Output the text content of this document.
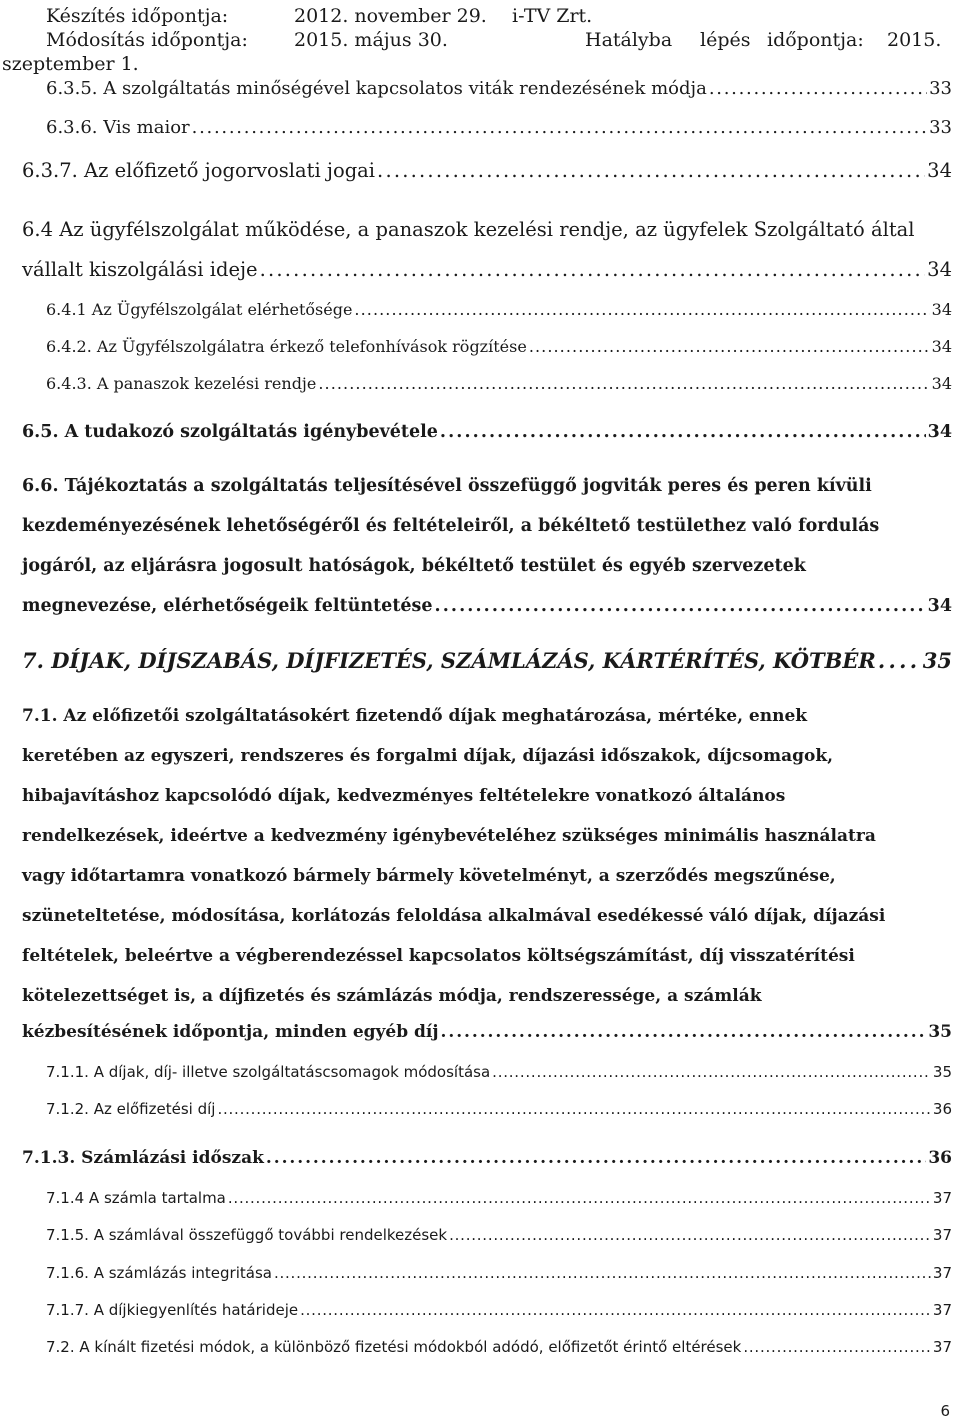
Készítés időpontja:	2012. november 29. i-TV Zrt.
Módosítás időpontja: 2015. május 30.	Hatályba lépés időpontja: 2015.
szeptember 1.
6.3.5. A szolgáltatás minőségével kapcsolatos viták rendezésének módja . . .	33
6.3.6. Vis maior . . .	33
6.3.7. Az előfizető jogorvoslati jogai . . .	34
6.4 Az ügyfélszolgálat működése, a panaszok kezelési rendje, az ügyfelek Szolgáltató által
vállalt kiszolgálási ideje . . .	34
6.4.1 Az Ügyfélszolgálat elérhetősége . . .	34
6.4.2. Az Ügyfélszolgálatra érkező telefonhívások rögzítése . . .	34
6.4.3. A panaszok kezelési rendje . . .	34
6.5. A tudakozó szolgáltatás igénybevétele . . .	34
6.6. Tájékoztatás a szolgáltatás teljesítésével összefüggő jogviták peres és peren kívüli
kezdeményezésének lehetőségéről és feltételeiről, a békéltető testülethez való fordulás
jogáról, az eljárásra jogosult hatóságok, békéltető testület és egyéb szervezetek
megnevezése, elérhetőségeik feltüntetése . . .	34
7. DÍJAK, DÍJSZABÁS, DÍJFIZETÉS, SZÁMLÁZÁS, KÁRTÉRÍTÉS, KÖTBÉR . . . 35
7.1. Az előfizetői szolgáltatásokért fizetendő díjak meghatározása, mértéke, ennek
keretében az egyszeri, rendszeres és forgalmi díjak, díjazási időszakok, díjcsomagok,
hibajavításhoz kapcsolódó díjak, kedvezményes feltételekre vonatkozó általános
rendelkezések, ideértve a kedvezmény igénybevételéhez szükséges minimális használatra
vagy időtartamra vonatkozó bármely bármely követelményt, a szerződés megszűnése,
szüneteltetése, módosítása, korlátozás feloldása alkalmával esedékessé váló díjak, díjazási
feltételek, beleértve a végberendezéssel kapcsolatos költségszámítást, díj visszatérítési
kötelezettséget is, a díjfizetés és számlázás módja, rendszeressége, a számlák
kézbesítésének időpontja, minden egyéb díj . . .	35
7.1.1. A díjak, díj- illetve szolgáltatáscsomagok módosítása . . .	35
7.1.2. Az előfizetési díj . . .	36
7.1.3. Számlázási időszak . . .	36
7.1.4 A számla tartalma . . .	37
7.1.5. A számlával összefüggő további rendelkezések . . .	37
7.1.6. A számlázás integritása . . .	37
7.1.7. A díjkiegyenlítés határideje . . .	37
7.2. A kínált fizetési módok, a különböző fizetési módokból adódó, előfizetőt érintő eltérések . . .	37
6
